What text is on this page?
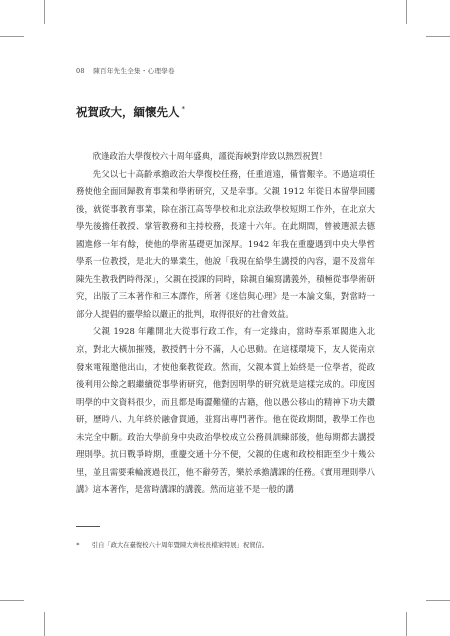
08 陳百年先生全集・心理學卷
祝賀政大，緬懷先人 *

欣逢政治大學復校六十周年盛典，謹從海峽對岸致以熱烈祝賀！

先父以七十高齡承擔政治大學復校任務，任重道遠，備嘗艱辛。不過這項任務使他全面回歸教育事業和學術研究，又是幸事。父親 1912 年從日本留學回國後，就從事教育事業，除在浙江高等學校和北京法政學校短期工作外，在北京大學先後擔任教授、掌管教務和主持校務，長達十六年。在此期間，曾被選派去德國進修一年有餘，使他的學術基礎更加深厚。1942 年我在重慶遇到中央大學哲學系一位教授，是北大的畢業生，他說「我現在給學生講授的內容，還不及當年陳先生教我們時得深」，父親在授課的同時，除親自編寫講義外，積極從事學術研究，出版了三本著作和三本譯作，所著《迷信與心理》是一本論文集，對當時一部分人提倡的靈學給以嚴正的批判，取得很好的社會效益。

父親 1928 年離開北大從事行政工作，有一定緣由，當時奉系軍閥進入北京，對北大橫加摧殘，教授們十分不滿，人心思動。在這樣環境下，友人從南京發來電報邀他出山，才使他棄教從政。然而，父親本質上始終是一位學者，從政後利用公餘之暇繼續從事學術研究，他對因明學的研究就是這樣完成的。印度因明學的中文資料很少，而且都是晦澀難懂的古籍，他以愚公移山的精神下功夫鑽研，歷時八、九年終於融會貫通，並寫出專門著作。他在從政期間，教學工作也未完全中斷。政治大學前身中央政治學校成立公務員訓練部後，他每期都去講授理則學。抗日戰爭時期，重慶交通十分不便，父親的住處和政校相距至少十幾公里，並且需要乘輪渡過長江，他不辭勞苦，樂於承擔講課的任務。《實用理則學八講》這本著作，是當時講課的講義。然而這並不是一般的講

* 引自「政大在臺復校六十周年暨陳大齊校長檔案特展」祝賀信。
